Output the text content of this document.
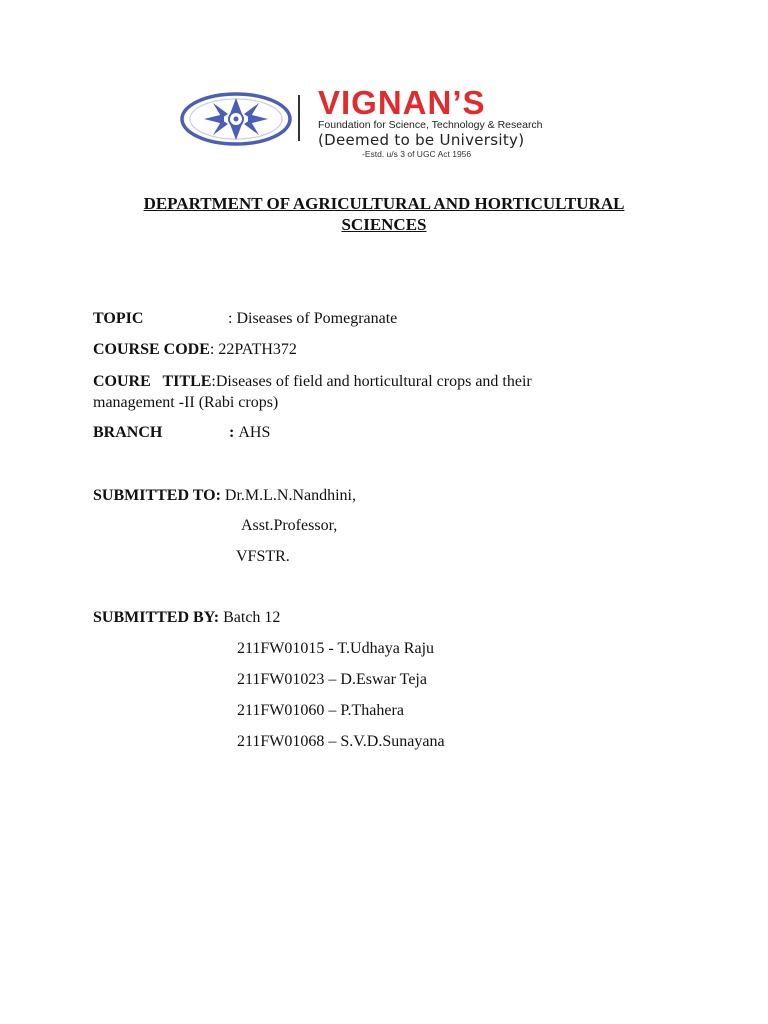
VIGNAN’S
Foundation for Science, Technology & Research
(Deemed to be University)
-Estd. u/s 3 of UGC Act 1956
DEPARTMENT OF AGRICULTURAL AND HORTICULTURAL SCIENCES
TOPIC	: Diseases of Pomegranate
COURSE CODE: 22PATH372
COURE   TITLE:Diseases of field and horticultural crops and their management -II (Rabi crops)
BRANCH	: AHS
SUBMITTED TO: Dr.M.L.N.Nandhini,
Asst.Professor,
VFSTR.
SUBMITTED BY: Batch 12
211FW01015 - T.Udhaya Raju
211FW01023 – D.Eswar Teja
211FW01060 – P.Thahera
211FW01068 – S.V.D.Sunayana
